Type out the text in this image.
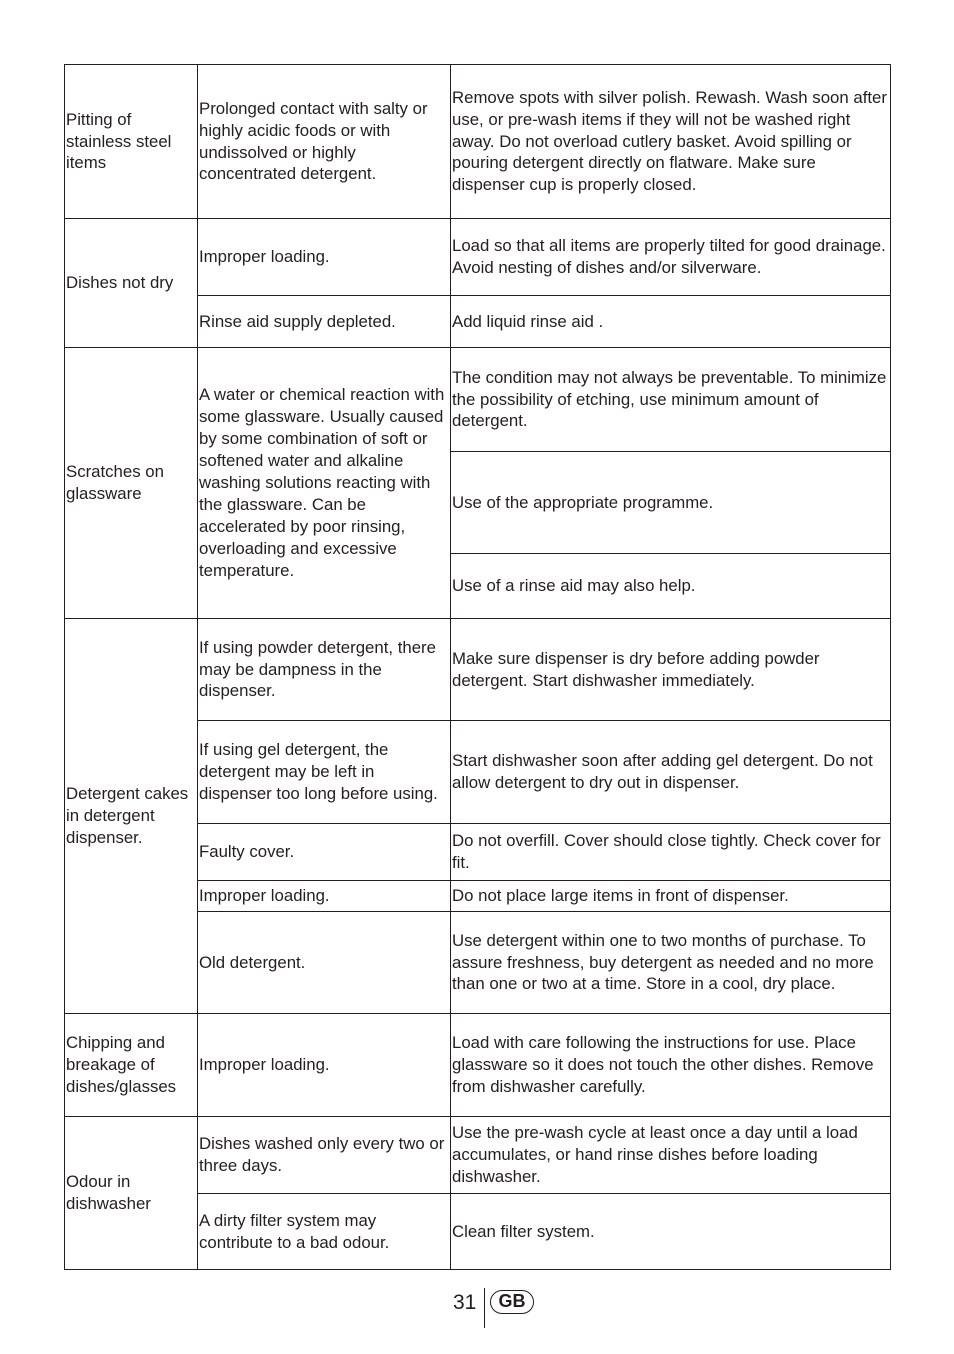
Pitting of stainless steel items	Prolonged contact with salty or highly acidic foods or with undissolved or highly concentrated detergent.	Remove spots with silver polish. Rewash. Wash soon after use, or pre-wash items if they will not be washed right away. Do not overload cutlery basket. Avoid spilling or pouring detergent directly on flatware. Make sure dispenser cup is properly closed.
Dishes not dry	Improper loading.	Load so that all items are properly tilted for good drainage. Avoid nesting of dishes and/or silverware.
	Rinse aid supply depleted.	Add liquid rinse aid .
Scratches on glassware	A water or chemical reaction with some glassware. Usually caused by some combination of soft or softened water and alkaline washing solutions reacting with the glassware. Can be accelerated by poor rinsing, overloading and excessive temperature.	The condition may not always be preventable. To minimize the possibility of etching, use minimum amount of detergent.
		Use of the appropriate programme.
		Use of a rinse aid may also help.
Detergent cakes in detergent dispenser.	If using powder detergent, there may be dampness in the dispenser.	Make sure dispenser is dry before adding powder detergent. Start dishwasher immediately.
	If using gel detergent, the detergent may be left in dispenser too long before using.	Start dishwasher soon after adding gel detergent. Do not allow detergent to dry out in dispenser.
	Faulty cover.	Do not overfill. Cover should close tightly. Check cover for fit.
	Improper loading.	Do not place large items in front of dispenser.
	Old detergent.	Use detergent within one to two months of purchase. To assure freshness, buy detergent as needed and no more than one or two at a time. Store in a cool, dry place.
Chipping and breakage of dishes/glasses	Improper loading.	Load with care following the instructions for use. Place glassware so it does not touch the other dishes. Remove from dishwasher carefully.
Odour in dishwasher	Dishes washed only every two or three days.	Use the pre-wash cycle at least once a day until a load accumulates, or hand rinse dishes before loading dishwasher.
	A dirty filter system may contribute to a bad odour.	Clean filter system.
31	GB
